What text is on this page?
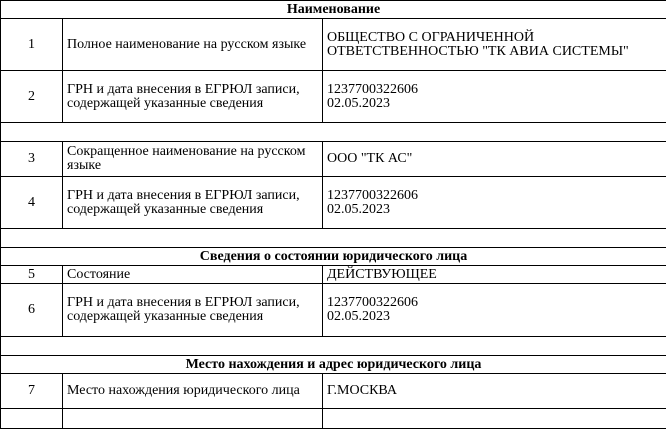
Наименование		
1	Полное наименование на русском языке	ОБЩЕСТВО С ОГРАНИЧЕННОЙ ОТВЕТСТВЕННОСТЬЮ "ТК АВИА СИСТЕМЫ"
2	ГРН и дата внесения в ЕГРЮЛ записи, содержащей указанные сведения	1237700322606
02.05.2023

3	Сокращенное наименование на русском языке	ООО "ТК АС"
4	ГРН и дата внесения в ЕГРЮЛ записи, содержащей указанные сведения	1237700322606
02.05.2023

Сведения о состоянии юридического лица		
5	Состояние	ДЕЙСТВУЮЩЕЕ
6	ГРН и дата внесения в ЕГРЮЛ записи, содержащей указанные сведения	1237700322606
02.05.2023

Место нахождения и адрес юридического лица		
7	Место нахождения юридического лица	Г.МОСКВА
